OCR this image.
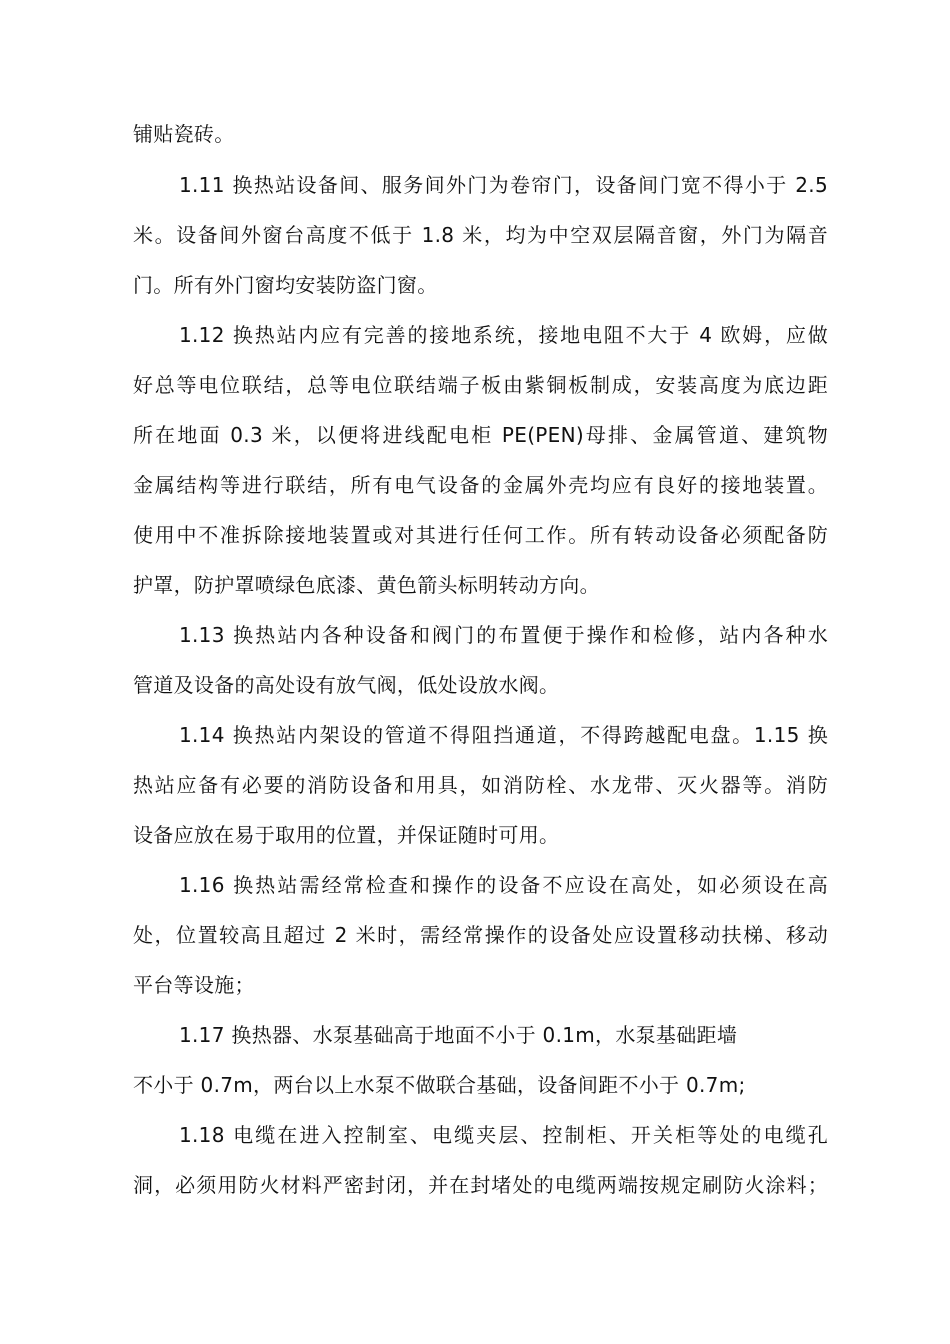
铺贴瓷砖。
1.11 换热站设备间、服务间外门为卷帘门，设备间门宽不得小于 2.5
米。设备间外窗台高度不低于 1.8 米，均为中空双层隔音窗，外门为隔音
门。所有外门窗均安装防盗门窗。
1.12 换热站内应有完善的接地系统，接地电阻不大于 4 欧姆，应做
好总等电位联结，总等电位联结端子板由紫铜板制成，安装高度为底边距
所在地面 0.3 米，以便将进线配电柜 PE(PEN)母排、金属管道、建筑物
金属结构等进行联结，所有电气设备的金属外壳均应有良好的接地装置。
使用中不准拆除接地装置或对其进行任何工作。所有转动设备必须配备防
护罩，防护罩喷绿色底漆、黄色箭头标明转动方向。
1.13 换热站内各种设备和阀门的布置便于操作和检修，站内各种水
管道及设备的高处设有放气阀，低处设放水阀。
1.14 换热站内架设的管道不得阻挡通道，不得跨越配电盘。1.15 换
热站应备有必要的消防设备和用具，如消防栓、水龙带、灭火器等。消防
设备应放在易于取用的位置，并保证随时可用。
1.16 换热站需经常检查和操作的设备不应设在高处，如必须设在高
处，位置较高且超过 2 米时，需经常操作的设备处应设置移动扶梯、移动
平台等设施；
1.17 换热器、水泵基础高于地面不小于 0.1m，水泵基础距墙
不小于 0.7m，两台以上水泵不做联合基础，设备间距不小于 0.7m;
1.18 电缆在进入控制室、电缆夹层、控制柜、开关柜等处的电缆孔
洞，必须用防火材料严密封闭，并在封堵处的电缆两端按规定刷防火涂料；
